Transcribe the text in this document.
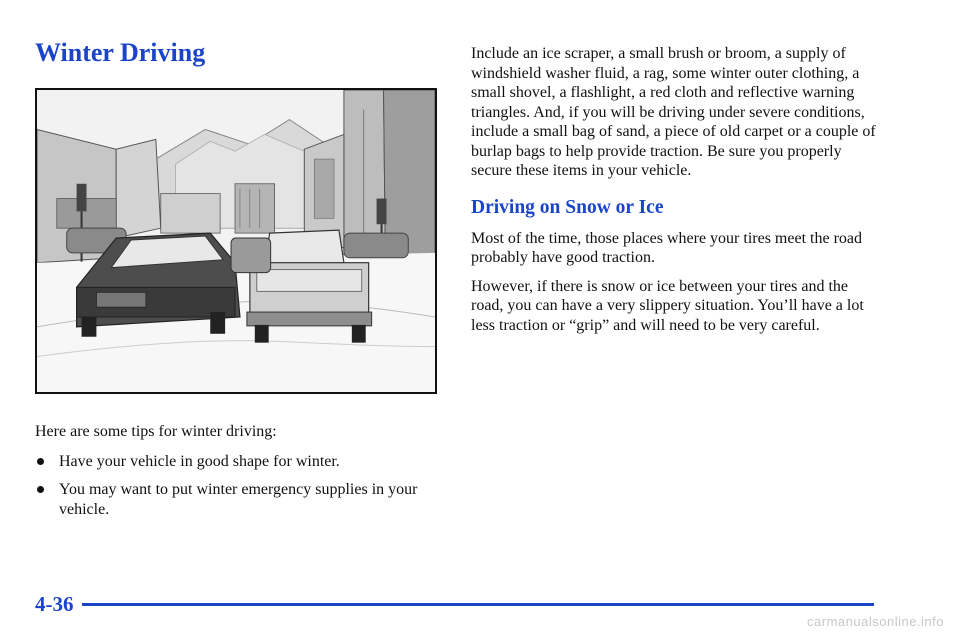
Winter Driving

Here are some tips for winter driving:

Have your vehicle in good shape for winter.
You may want to put winter emergency supplies in your vehicle.

Include an ice scraper, a small brush or broom, a supply of windshield washer fluid, a rag, some winter outer clothing, a small shovel, a flashlight, a red cloth and reflective warning triangles. And, if you will be driving under severe conditions, include a small bag of sand, a piece of old carpet or a couple of burlap bags to help provide traction. Be sure you properly secure these items in your vehicle.

Driving on Snow or Ice

Most of the time, those places where your tires meet the road probably have good traction.

However, if there is snow or ice between your tires and the road, you can have a very slippery situation. You’ll have a lot less traction or “grip” and will need to be very careful.

4-36
carmanualsonline.info
